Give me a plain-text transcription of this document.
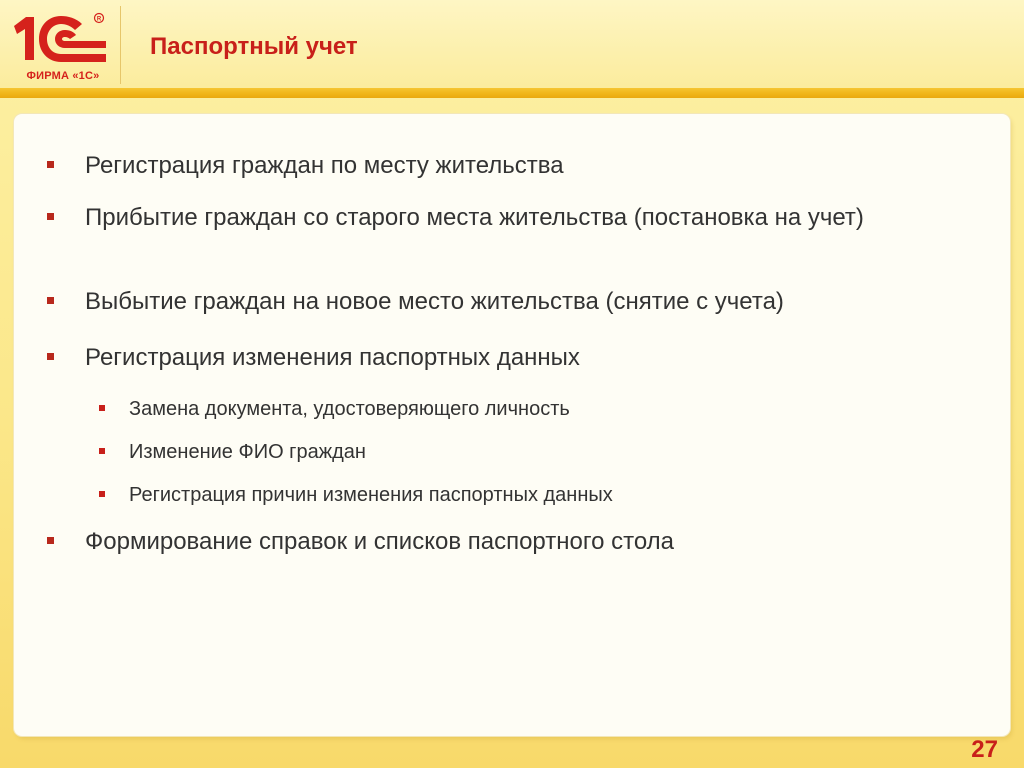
R
ФИРМА «1С»
Паспортный учет
Регистрация граждан по месту жительства
Прибытие граждан со старого места жительства (постановка на учет)
Выбытие граждан на новое место жительства (снятие с учета)
Регистрация изменения паспортных данных
Замена документа, удостоверяющего личность
Изменение ФИО граждан
Регистрация причин изменения паспортных данных
Формирование справок и списков паспортного стола
27
